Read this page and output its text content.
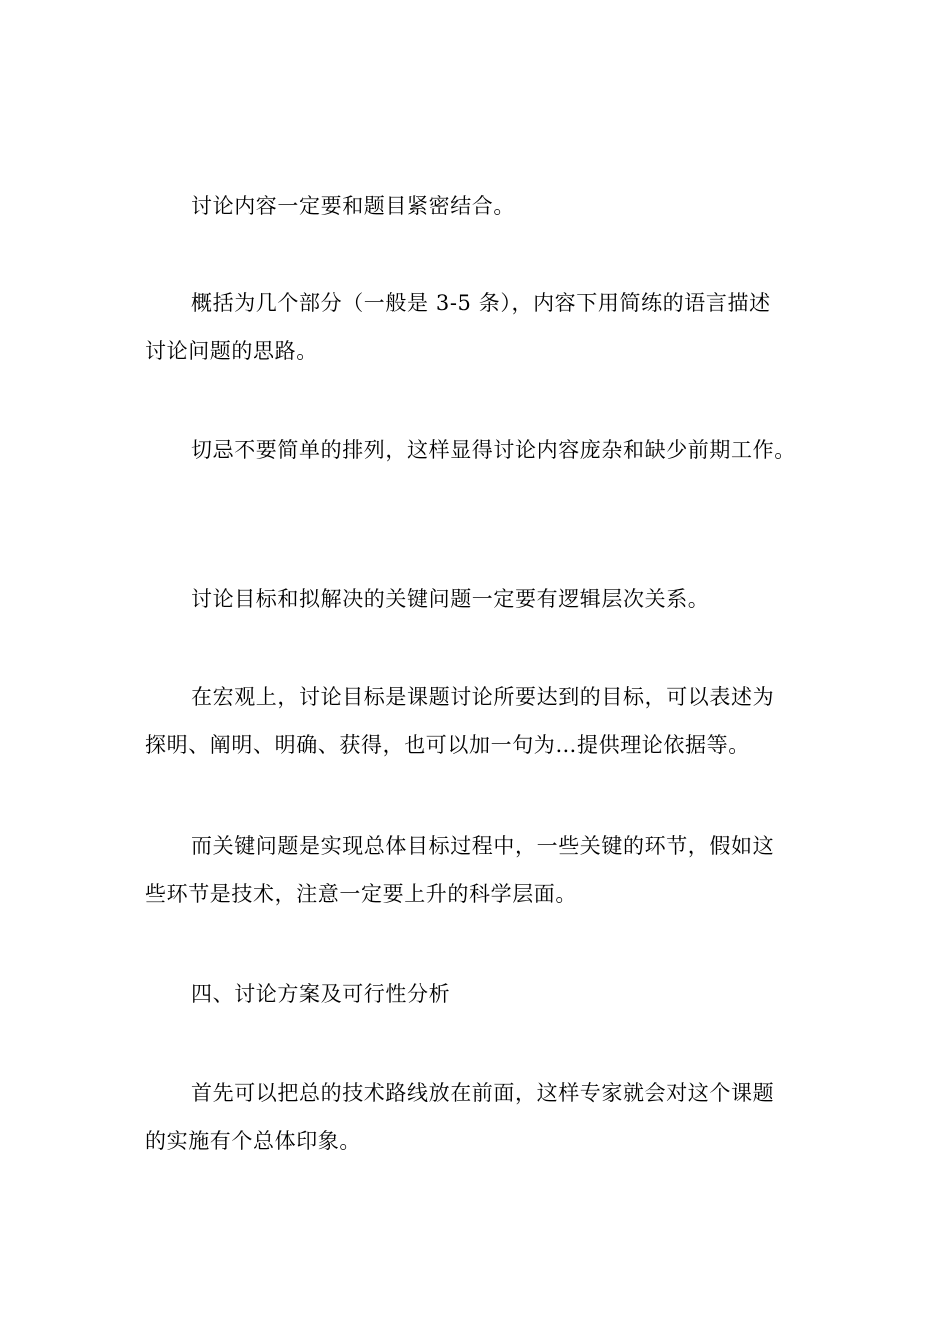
讨论内容一定要和题目紧密结合。

概括为几个部分（一般是 3-5 条），内容下用简练的语言描述
讨论问题的思路。

切忌不要简单的排列，这样显得讨论内容庞杂和缺少前期工作。

讨论目标和拟解决的关键问题一定要有逻辑层次关系。

在宏观上，讨论目标是课题讨论所要达到的目标，可以表述为
探明、阐明、明确、获得，也可以加一句为…提供理论依据等。

而关键问题是实现总体目标过程中，一些关键的环节，假如这
些环节是技术，注意一定要上升的科学层面。

四、讨论方案及可行性分析

首先可以把总的技术路线放在前面，这样专家就会对这个课题
的实施有个总体印象。
